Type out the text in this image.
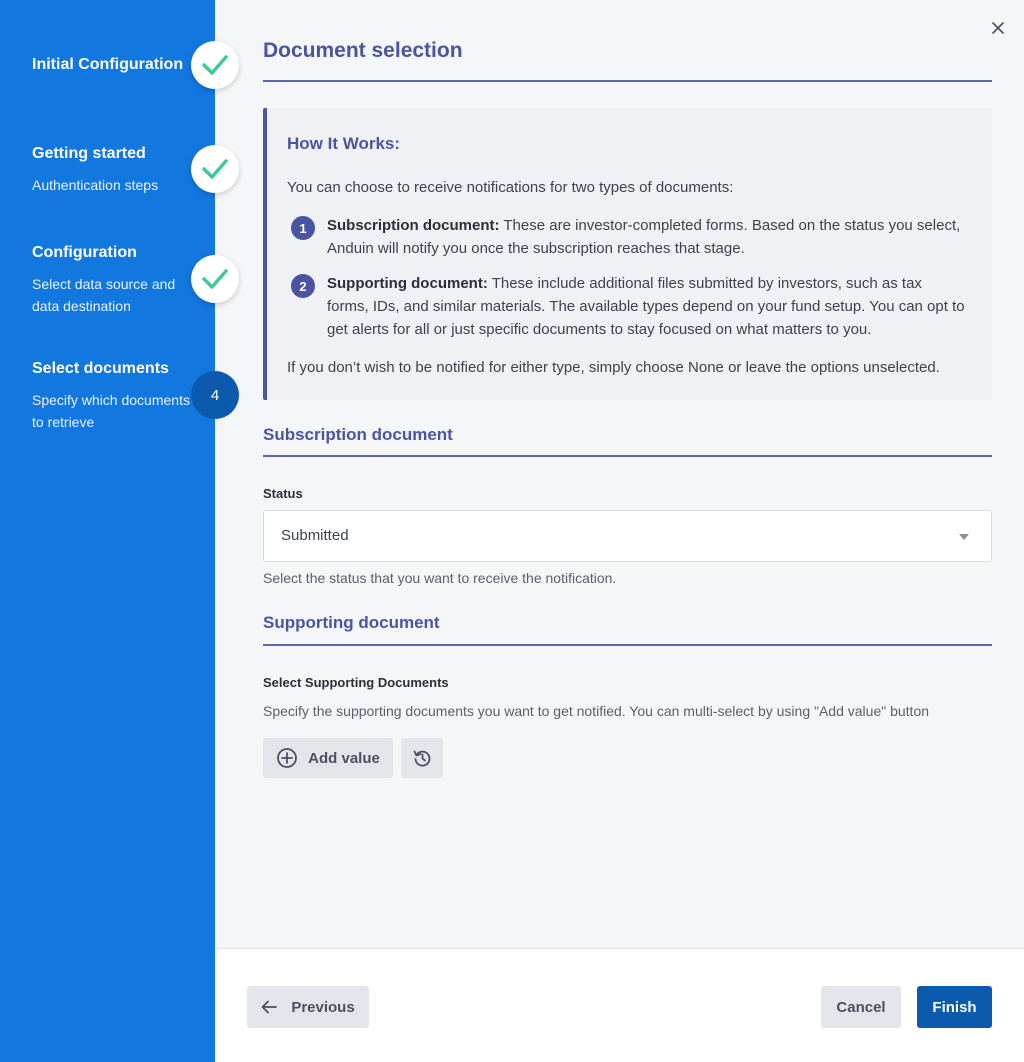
Initial Configuration
Getting started
Authentication steps
Configuration
Select data source and data destination
Select documents
Specify which documents to retrieve
4
Document selection
How It Works:
You can choose to receive notifications for two types of documents:
1	Subscription document: These are investor-completed forms. Based on the status you select, Anduin will notify you once the subscription reaches that stage.
2	Supporting document: These include additional files submitted by investors, such as tax forms, IDs, and similar materials. The available types depend on your fund setup. You can opt to get alerts for all or just specific documents to stay focused on what matters to you.
If you don’t wish to be notified for either type, simply choose None or leave the options unselected.
Subscription document
Status
Submitted
Select the status that you want to receive the notification.
Supporting document
Select Supporting Documents
Specify the supporting documents you want to get notified. You can multi-select by using "Add value" button
Add value
Previous	Cancel	Finish
